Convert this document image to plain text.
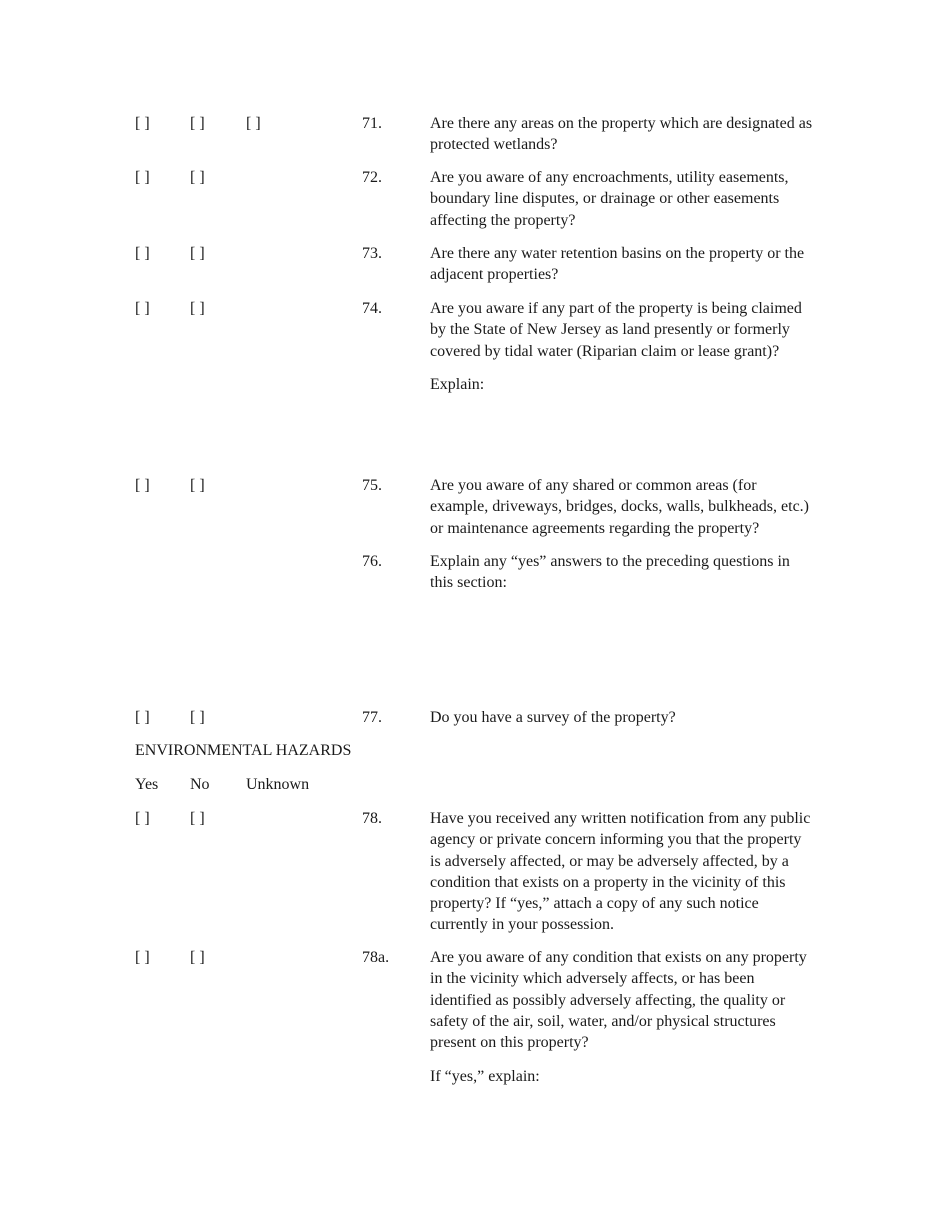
[ ]	[ ]	[ ]	71.	Are there any areas on the property which are designated as
protected wetlands?
[ ]	[ ]	72.	Are you aware of any encroachments, utility easements,
boundary line disputes, or drainage or other easements
affecting the property?
[ ]	[ ]	73.	Are there any water retention basins on the property or the
adjacent properties?
[ ]	[ ]	74.	Are you aware if any part of the property is being claimed
by the State of New Jersey as land presently or formerly
covered by tidal water (Riparian claim or lease grant)?
Explain:
[ ]	[ ]	75.	Are you aware of any shared or common areas (for
example, driveways, bridges, docks, walls, bulkheads, etc.)
or maintenance agreements regarding the property?
76.	Explain any “yes” answers to the preceding questions in
this section:
[ ]	[ ]	77.	Do you have a survey of the property?
ENVIRONMENTAL HAZARDS
Yes No Unknown
[ ]	[ ]	78.	Have you received any written notification from any public
agency or private concern informing you that the property
is adversely affected, or may be adversely affected, by a
condition that exists on a property in the vicinity of this
property? If “yes,” attach a copy of any such notice
currently in your possession.
[ ]	[ ]	78a.	Are you aware of any condition that exists on any property
in the vicinity which adversely affects, or has been
identified as possibly adversely affecting, the quality or
safety of the air, soil, water, and/or physical structures
present on this property?
If “yes,” explain:
